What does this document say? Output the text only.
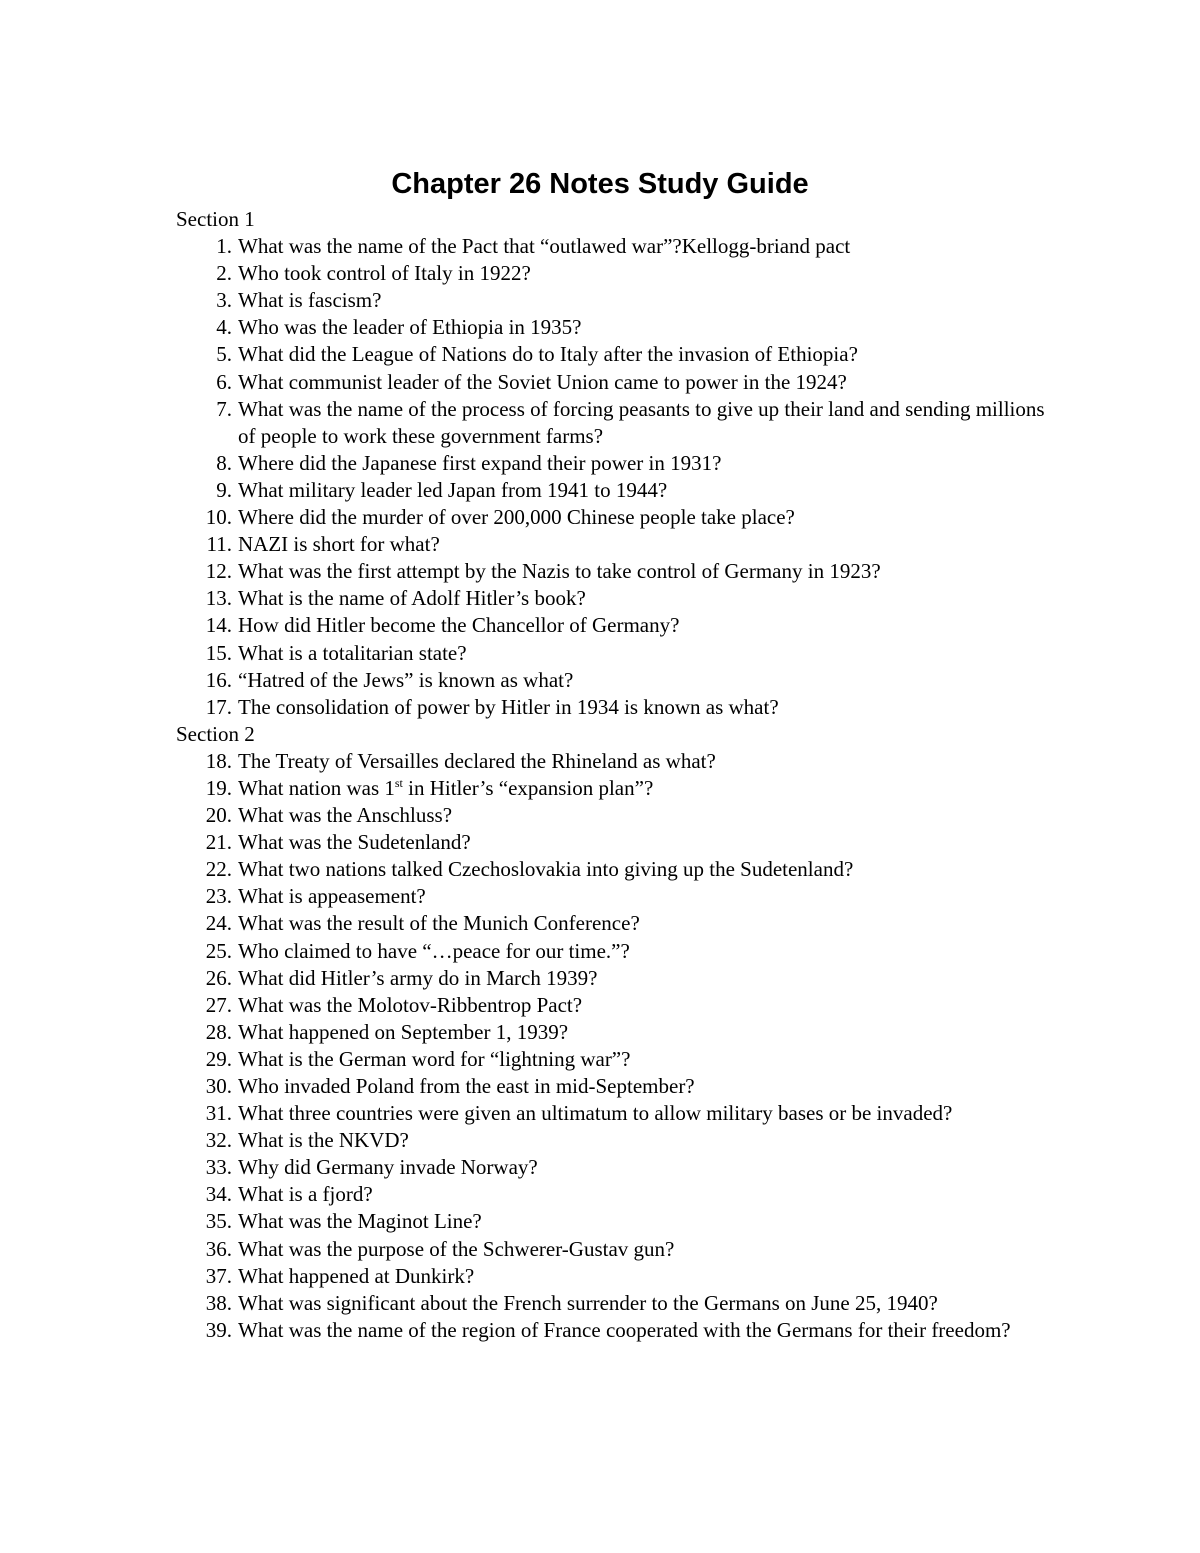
Chapter 26 Notes Study Guide
Section 1
1. What was the name of the Pact that “outlawed war”?Kellogg-briand pact
2. Who took control of Italy in 1922?
3. What is fascism?
4. Who was the leader of Ethiopia in 1935?
5. What did the League of Nations do to Italy after the invasion of Ethiopia?
6. What communist leader of the Soviet Union came to power in the 1924?
7. What was the name of the process of forcing peasants to give up their land and sending millions of people to work these government farms?
8. Where did the Japanese first expand their power in 1931?
9. What military leader led Japan from 1941 to 1944?
10. Where did the murder of over 200,000 Chinese people take place?
11. NAZI is short for what?
12. What was the first attempt by the Nazis to take control of Germany in 1923?
13. What is the name of Adolf Hitler’s book?
14. How did Hitler become the Chancellor of Germany?
15. What is a totalitarian state?
16. “Hatred of the Jews” is known as what?
17. The consolidation of power by Hitler in 1934 is known as what?
Section 2
18. The Treaty of Versailles declared the Rhineland as what?
19. What nation was 1st in Hitler’s “expansion plan”?
20. What was the Anschluss?
21. What was the Sudetenland?
22. What two nations talked Czechoslovakia into giving up the Sudetenland?
23. What is appeasement?
24. What was the result of the Munich Conference?
25. Who claimed to have “…peace for our time.”?
26. What did Hitler’s army do in March 1939?
27. What was the Molotov-Ribbentrop Pact?
28. What happened on September 1, 1939?
29. What is the German word for “lightning war”?
30. Who invaded Poland from the east in mid-September?
31. What three countries were given an ultimatum to allow military bases or be invaded?
32. What is the NKVD?
33. Why did Germany invade Norway?
34. What is a fjord?
35. What was the Maginot Line?
36. What was the purpose of the Schwerer-Gustav gun?
37. What happened at Dunkirk?
38. What was significant about the French surrender to the Germans on June 25, 1940?
39. What was the name of the region of France cooperated with the Germans for their freedom?
